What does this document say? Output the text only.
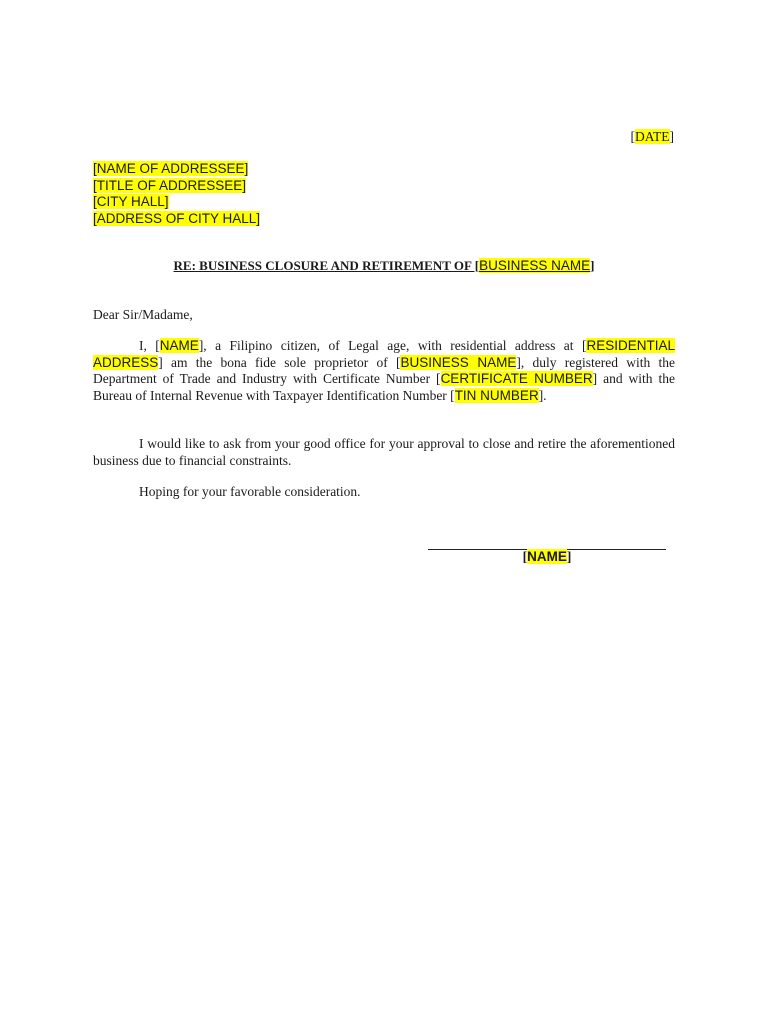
[DATE]
[NAME OF ADDRESSEE]
[TITLE OF ADDRESSEE]
[CITY HALL]
[ADDRESS OF CITY HALL]
RE: BUSINESS CLOSURE AND RETIREMENT OF [BUSINESS NAME]
Dear Sir/Madame,
I, [NAME], a Filipino citizen, of Legal age, with residential address at [RESIDENTIAL ADDRESS] am the bona fide sole proprietor of [BUSINESS NAME], duly registered with the Department of Trade and Industry with Certificate Number [CERTIFICATE NUMBER] and with the Bureau of Internal Revenue with Taxpayer Identification Number [TIN NUMBER].
I would like to ask from your good office for your approval to close and retire the aforementioned business due to financial constraints.
Hoping for your favorable consideration.
[NAME]
